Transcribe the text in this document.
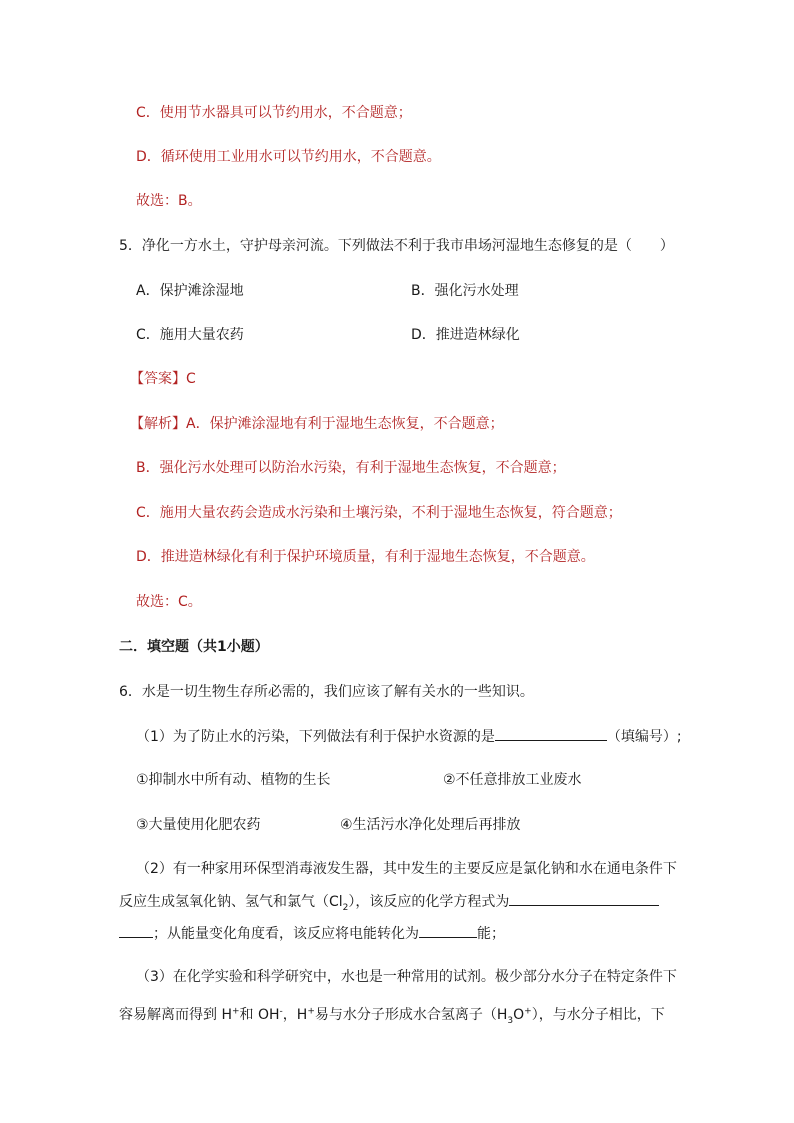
C．使用节水器具可以节约用水，不合题意；
D．循环使用工业用水可以节约用水，不合题意。
故选：B。
5．净化一方水土，守护母亲河流。下列做法不利于我市串场河湿地生态修复的是（　　）
A．保护滩涂湿地	B．强化污水处理
C．施用大量农药	D．推进造林绿化
【答案】C
【解析】A．保护滩涂湿地有利于湿地生态恢复，不合题意；
B．强化污水处理可以防治水污染，有利于湿地生态恢复，不合题意；
C．施用大量农药会造成水污染和土壤污染，不利于湿地生态恢复，符合题意；
D．推进造林绿化有利于保护环境质量，有利于湿地生态恢复，不合题意。
故选：C。
二．填空题（共1小题）
6．水是一切生物生存所必需的，我们应该了解有关水的一些知识。
（1）为了防止水的污染，下列做法有利于保护水资源的是	（填编号）;
①抑制水中所有动、植物的生长	②不任意排放工业废水
③大量使用化肥农药	④生活污水净化处理后再排放
（2）有一种家用环保型消毒液发生器，其中发生的主要反应是氯化钠和水在通电条件下
反应生成氢氧化钠、氢气和氯气$(Cl_2)$，该反应的化学方程式为
；从能量变化角度看，该反应将电能转化为	能；
（3）在化学实验和科学研究中，水也是一种常用的试剂。极少部分水分子在特定条件下
容易解离而得到 H+和 OH-，H+易与水分子形成水合氢离子$(H_3O^+)$，与水分子相比，下
